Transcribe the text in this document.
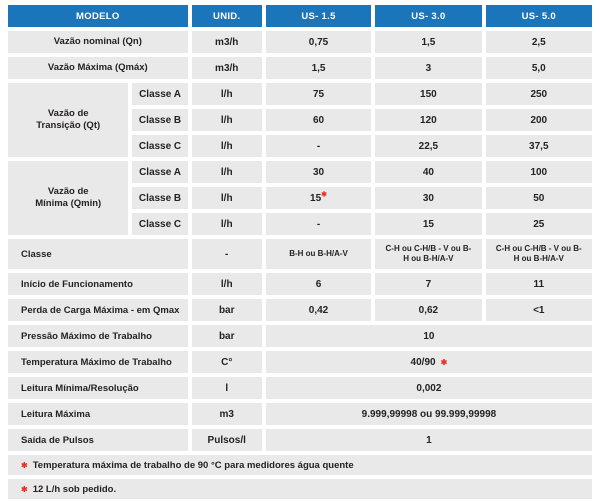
MODELO		UNID.	US- 1.5	US- 3.0	US- 5.0
Vazão nominal (Qn)		m3/h	0,75	1,5	2,5
Vazão Máxima (Qmáx)		m3/h	1,5	3	5,0
Vazão de
Transição (Qt)	Classe A	l/h	75	150	250
	Classe B	l/h	60	120	200
	Classe C	l/h	-	22,5	37,5
Vazão de
Mínima (Qmin)	Classe A	l/h	30	40	100
	Classe B	l/h	15✱	30	50
	Classe C	l/h	-	15	25
Classe		-	B-H ou B-H/A-V	C-H ou C-H/B - V ou B-H ou B-H/A-V	C-H ou C-H/B - V ou B-H ou B-H/A-V
Início de Funcionamento		l/h	6	7	11
Perda de Carga Máxima - em Qmax		bar	0,42	0,62	<1
Pressão Máximo de Trabalho		bar	10		
Temperatura Máximo de Trabalho		C°	40/90 ✱		
Leitura Mínima/Resolução		l	0,002		
Leitura Máxima		m3	9.999,99998 ou 99.999,99998		
Saída de Pulsos		Pulsos/l	1		
✱ Temperatura máxima de trabalho de 90 °C para medidores água quente					
✱ 12 L/h sob pedido.					
